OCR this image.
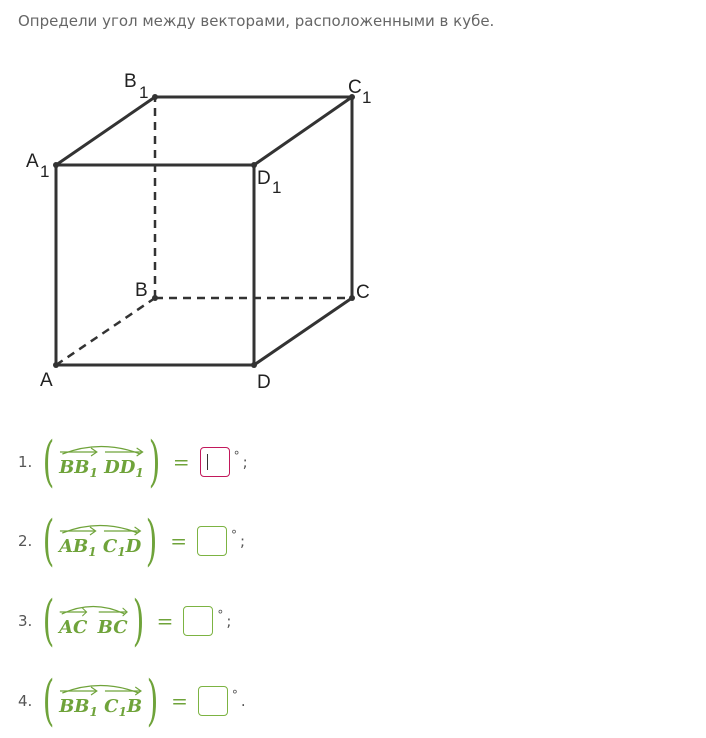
Определи угол между векторами, расположенными в кубе.
A	D
B	C
A 1	D 1
B
1	C 1
1. ( $BB_1$ $DD_1$ ) =	° ;
2. ( $AB_1$ $C_1D$ ) =	° ;
3. ( AC BC ) =	° ;
4. ( $BB_1$ $C_1B$ ) =	° .
